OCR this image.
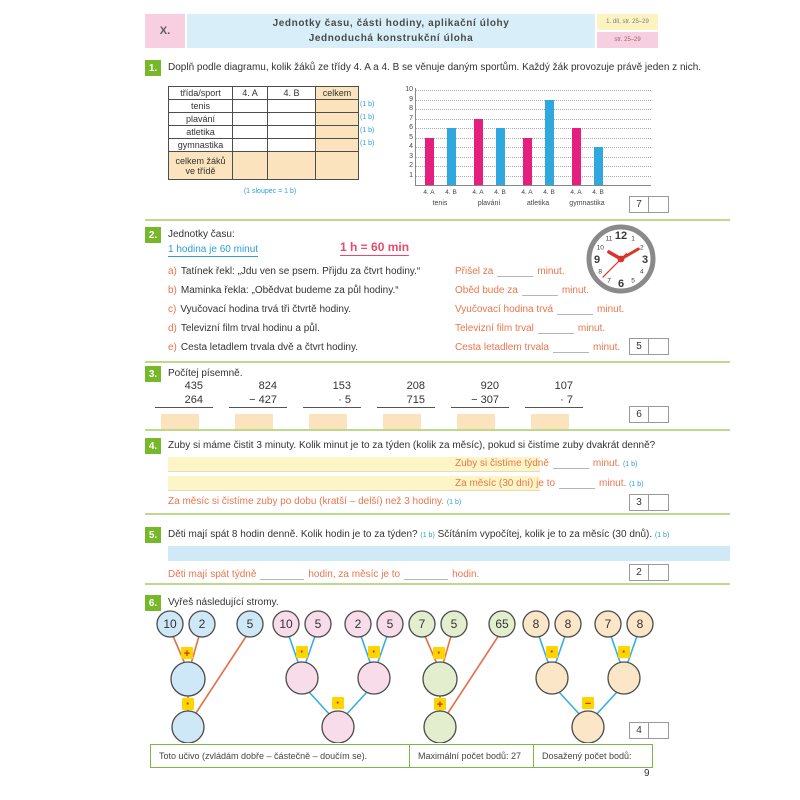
X.
Jednotky času, části hodiny, aplikační úlohy
Jednoduchá konstrukční úloha
1. díl, str. 25–29
str. 25–29
1.	Doplň podle diagramu, kolik žáků ze třídy 4. A a 4. B se věnuje daným sportům. Každý žák provozuje právě jeden z nich.
třída/sport	4. A	4. B	celkem
tenis			
plavání			
atletika			
gymnastika			
celkem žáků ve třídě			
(1 b)
(1 b)
(1 b)
(1 b)
(1 sloupec = 1 b)
1
2
3
4
5
6
7
8
9
10
4. A	4. B
tenis
4. A	4. B
plavání
4. A	4. B
atletika
4. A	4. B
gymnastika	7
2.	Jednotky času:
1 hodina je 60 minut	1 h = 60 min
1
2
3
4
5
6
7
8
9
10
11 12
a) Tatínek řekl: „Jdu ven se psem. Přijdu za čtvrt hodiny.“	Přišel za	minut.
b) Maminka řekla: „Obědvat budeme za půl hodiny.“	Oběd bude za	minut.
c) Vyučovací hodina trvá tři čtvrtě hodiny.	Vyučovací hodina trvá	minut.
d) Televizní film trval hodinu a půl.	Televizní film trval	minut.
e) Cesta letadlem trvala dvě a čtvrt hodiny.	Cesta letadlem trvala	minut.	5
3.	Počítej písemně.
435
264
824
− 427
153
· 5
208
715
920
− 307
107
· 7
6
4.	Zuby si máme čistit 3 minuty. Kolik minut je to za týden (kolik za měsíc), pokud si čistíme zuby dvakrát denně?
Zuby si čistíme týdně	minut. (1 b)
Za měsíc (30 dní) je to	minut. (1 b)
Za měsíc si čistíme zuby po dobu (kratší – delší) než 3 hodiny. (1 b)	3
5.	Děti mají spát 8 hodin denně. Kolik hodin je to za týden? (1 b) Sčítáním vypočítej, kolik je to za měsíc (30 dnů). (1 b)
Děti mají spát týdně	hodin, za měsíc je to	hodin.	2
6.	Vyřeš následující stromy.
10 2	5
+
·
10 5	2 5
·	·
·
7 5	65
·
+
8 8	7 8
·	·
−
4
Toto učivo (zvládám dobře – částečně – doučím se).	Maximální počet bodů: 27	Dosažený počet bodů:
9
